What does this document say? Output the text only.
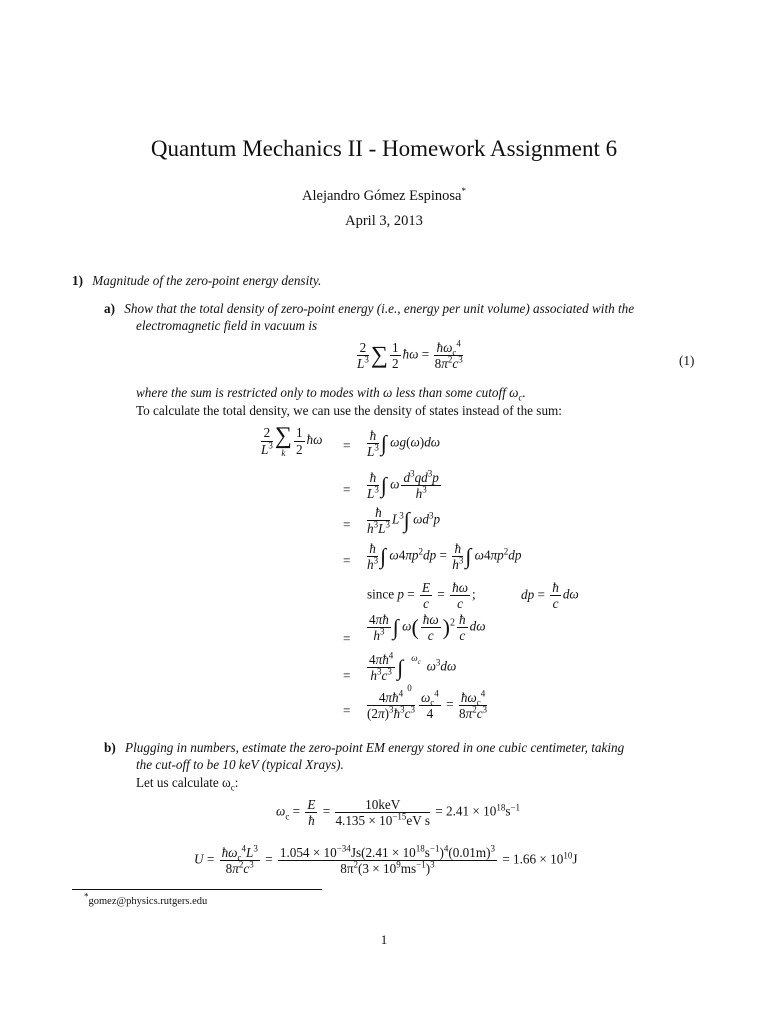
Quantum Mechanics II - Homework Assignment 6
Alejandro Gómez Espinosa*
April 3, 2013
1) Magnitude of the zero-point energy density.
a) Show that the total density of zero-point energy (i.e., energy per unit volume) associated with the
electromagnetic field in vacuum is
$\frac{2}{L^3}$ ∑ $\frac{1}{2}$ ħω = $ħ\omega_c^4$
$8\pi^2c^3$	(1)
where the sum is restricted only to modes with ω less than some cutoff $\omega_c$.
To calculate the total density, we can use the density of states instead of the sum:
$\frac{2}{L^3}$ ∑
k $\frac{1}{2}$ ħω = $\frac{ħ}{L^3}$ ∫ ωg(ω)dω
= $\frac{ħ}{L^3}$ ∫ ω $\frac{d^3qd^3p}{h^3}$
= $\frac{ħ}{h^3L^3} L^3\int$ $\omega d^3p$
= $\frac{ħ}{h^3}$ ∫ $\omega 4\pi p^2dp = \frac{ħ}{h^3}$ ∫ $\omega 4\pi p^2dp$
since $p = \frac{E}{c} = \frac{ħ\omega}{c}$ ;	dp = $\frac{ħ}{c}$ dω
= $\frac{4\pi ħ}{h^3}$ ∫ $\omega( \frac{ħ\omega}{c} )^2 \frac{ħ}{c}$ dω
= $\frac{4\pi ħ^4}{h^3c^3}$ ∫ $\omega_c$
0
$\omega^3d\omega$
= $\frac{4\pi ħ^4}{(2\pi)^3ħ^3c^3} \frac{\omega_c^4}{4}$ = $ħ\omega_c^4$
$8\pi^2c^3$
b) Plugging in numbers, estimate the zero-point EM energy stored in one cubic centimeter, taking
the cut-off to be 10 keV (typical Xrays).
Let us calculate $\omega_c$:
$\omega_c = \frac{E}{ħ}$ =	10keV
$4.135 \times 10^{-15}eV$ s
= $2.41 \times 10^{18}s^{-1}$
$U = ħ\omega_c^4L^3$
$8\pi^2c^3 = \frac{1.054 \times 10^{-34}Js(2.41 \times 10^{18}s^{-1})^4(0.01m)^3}{8\pi^2(3 \times 10^9ms^{-1})^3} = 1.66 \times 10^{10}J$
*gomez@physics.rutgers.edu
1
